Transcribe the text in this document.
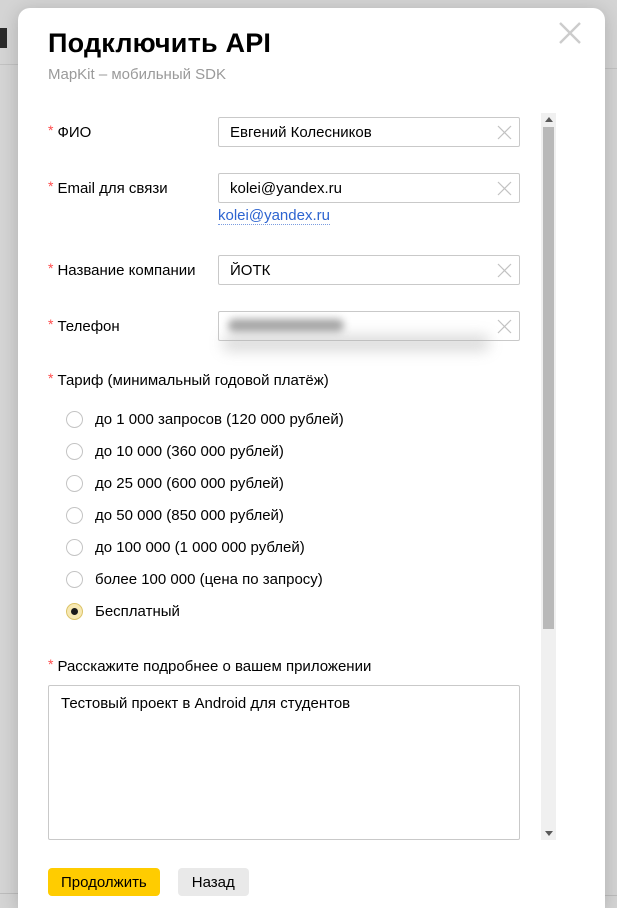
Подключить API
MapKit – мобильный SDK
* ФИО
Евгений Колесников
* Email для связи
kolei@yandex.ru
kolei@yandex.ru
* Название компании
ЙОТК
* Телефон
* Тариф (минимальный годовой платёж)
до 1 000 запросов (120 000 рублей)
до 10 000 (360 000 рублей)
до 25 000 (600 000 рублей)
до 50 000 (850 000 рублей)
до 100 000 (1 000 000 рублей)
более 100 000 (цена по запросу)
Бесплатный
* Расскажите подробнее о вашем приложении
Тестовый проект в Android для студентов
Продолжить	Назад
